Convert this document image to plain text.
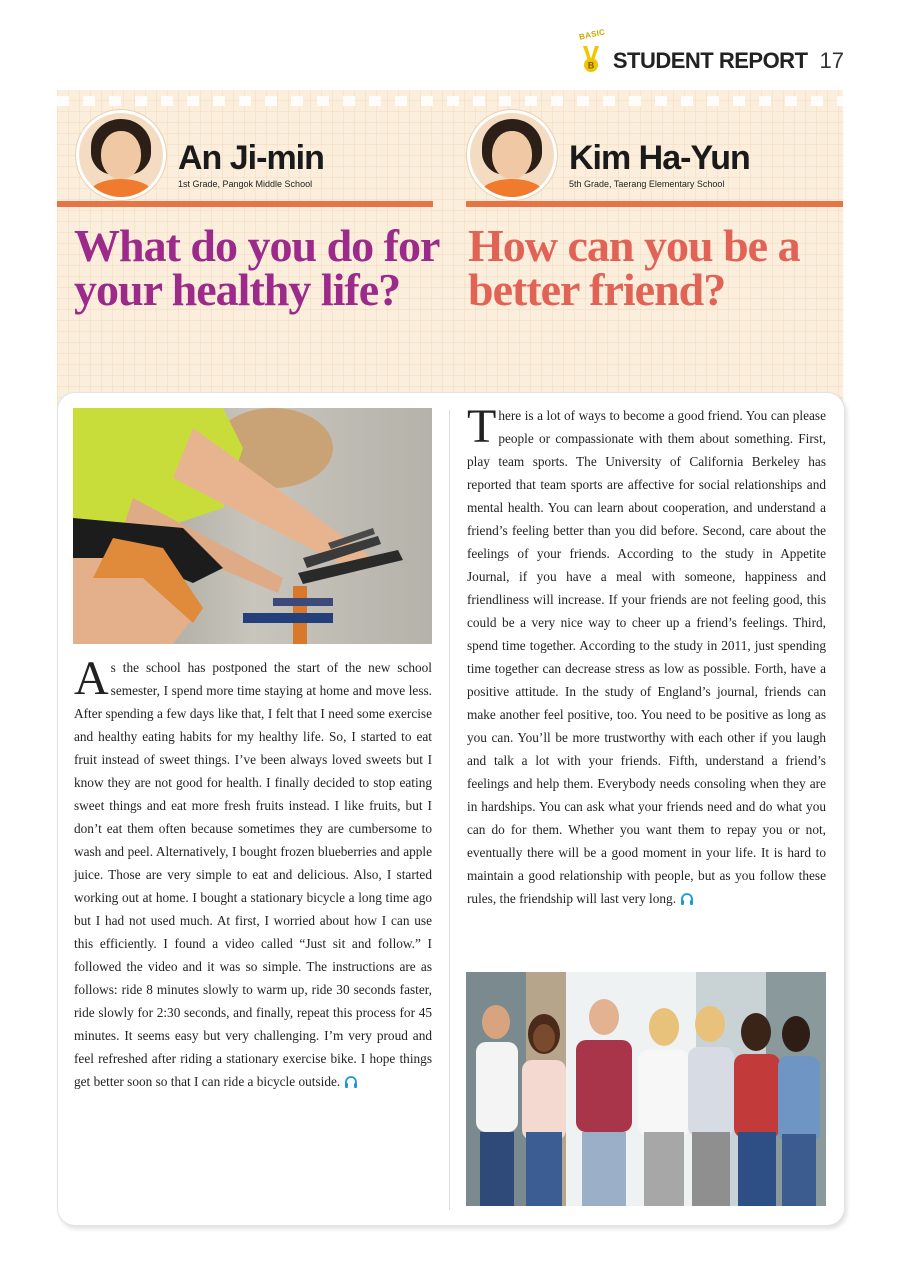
BASIC
B STUDENT REPORT 17
An Ji-min
1st Grade, Pangok Middle School
Kim Ha-Yun
5th Grade, Taerang Elementary School
What do you do for your healthy life?
How can you be a better friend?

As the school has postponed the start of the new school semester, I spend more time staying at home and move less. After spending a few days like that, I felt that I need some exercise and healthy eating habits for my healthy life. So, I started to eat fruit instead of sweet things. I’ve been always loved sweets but I know they are not good for health. I finally decided to stop eating sweet things and eat more fresh fruits instead. I like fruits, but I don’t eat them often because sometimes they are cumbersome to wash and peel. Alternatively, I bought frozen blueberries and apple juice. Those are very simple to eat and delicious. Also, I started working out at home. I bought a stationary bicycle a long time ago but I had not used much. At first, I worried about how I can use this efficiently. I found a video called “Just sit and follow.” I followed the video and it was so simple. The instructions are as follows: ride 8 minutes slowly to warm up, ride 30 seconds faster, ride slowly for 2:30 seconds, and finally, repeat this process for 45 minutes. It seems easy but very challenging. I’m very proud and feel refreshed after riding a stationary exercise bike. I hope things get better soon so that I can ride a bicycle outside.

There is a lot of ways to become a good friend. You can please people or compassionate with them about something. First, play team sports. The University of California Berkeley has reported that team sports are affective for social relationships and mental health. You can learn about cooperation, and understand a friend’s feeling better than you did before. Second, care about the feelings of your friends. According to the study in Appetite Journal, if you have a meal with someone, happiness and friendliness will increase. If your friends are not feeling good, this could be a very nice way to cheer up a friend’s feelings. Third, spend time together. According to the study in 2011, just spending time together can decrease stress as low as possible. Forth, have a positive attitude. In the study of England’s journal, friends can make another feel positive, too. You need to be positive as long as you can. You’ll be more trustworthy with each other if you laugh and talk a lot with your friends. Fifth, understand a friend’s feelings and help them. Everybody needs consoling when they are in hardships. You can ask what your friends need and do what you can do for them. Whether you want them to repay you or not, eventually there will be a good moment in your life. It is hard to maintain a good relationship with people, but as you follow these rules, the friendship will last very long.
